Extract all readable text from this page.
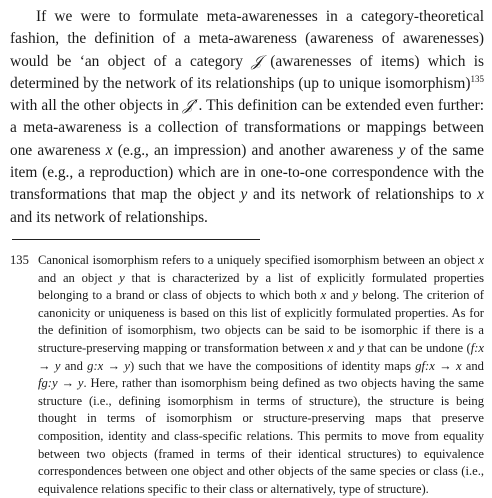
If we were to formulate meta-awarenesses in a category-theoretical fashion, the definition of a meta-awareness (awareness of awarenesses) would be ‘an object of a category 𝒥 (awarenesses of items) which is determined by the network of its relationships (up to unique isomorphism)$^{135}$ with all the other objects in 𝒥’. This definition can be extended even further: a meta-awareness is a collection of transformations or mappings between one awareness x (e.g., an impression) and another awareness y of the same item (e.g., a reproduction) which are in one-to-one correspondence with the transformations that map the object y and its network of relationships to x and its network of relationships.

135 Canonical isomorphism refers to a uniquely specified isomorphism between an object x and an object y that is characterized by a list of explicitly formulated properties belonging to a brand or class of objects to which both x and y belong. The criterion of canonicity or uniqueness is based on this list of explicitly formulated properties. As for the definition of isomorphism, two objects can be said to be isomorphic if there is a structure-preserving mapping or transformation between x and y that can be undone (f:x → y and g:x → y) such that we have the compositions of identity maps gf:x → x and fg:y → y. Here, rather than isomorphism being defined as two objects having the same structure (i.e., defining isomorphism in terms of structure), the structure is being thought in terms of isomorphism or structure-preserving maps that preserve composition, identity and class-specific relations. This permits to move from equality between two objects (framed in terms of their identical structures) to equivalence correspondences between one object and other objects of the same species or class (i.e., equivalence relations specific to their class or alternatively, type of structure).
